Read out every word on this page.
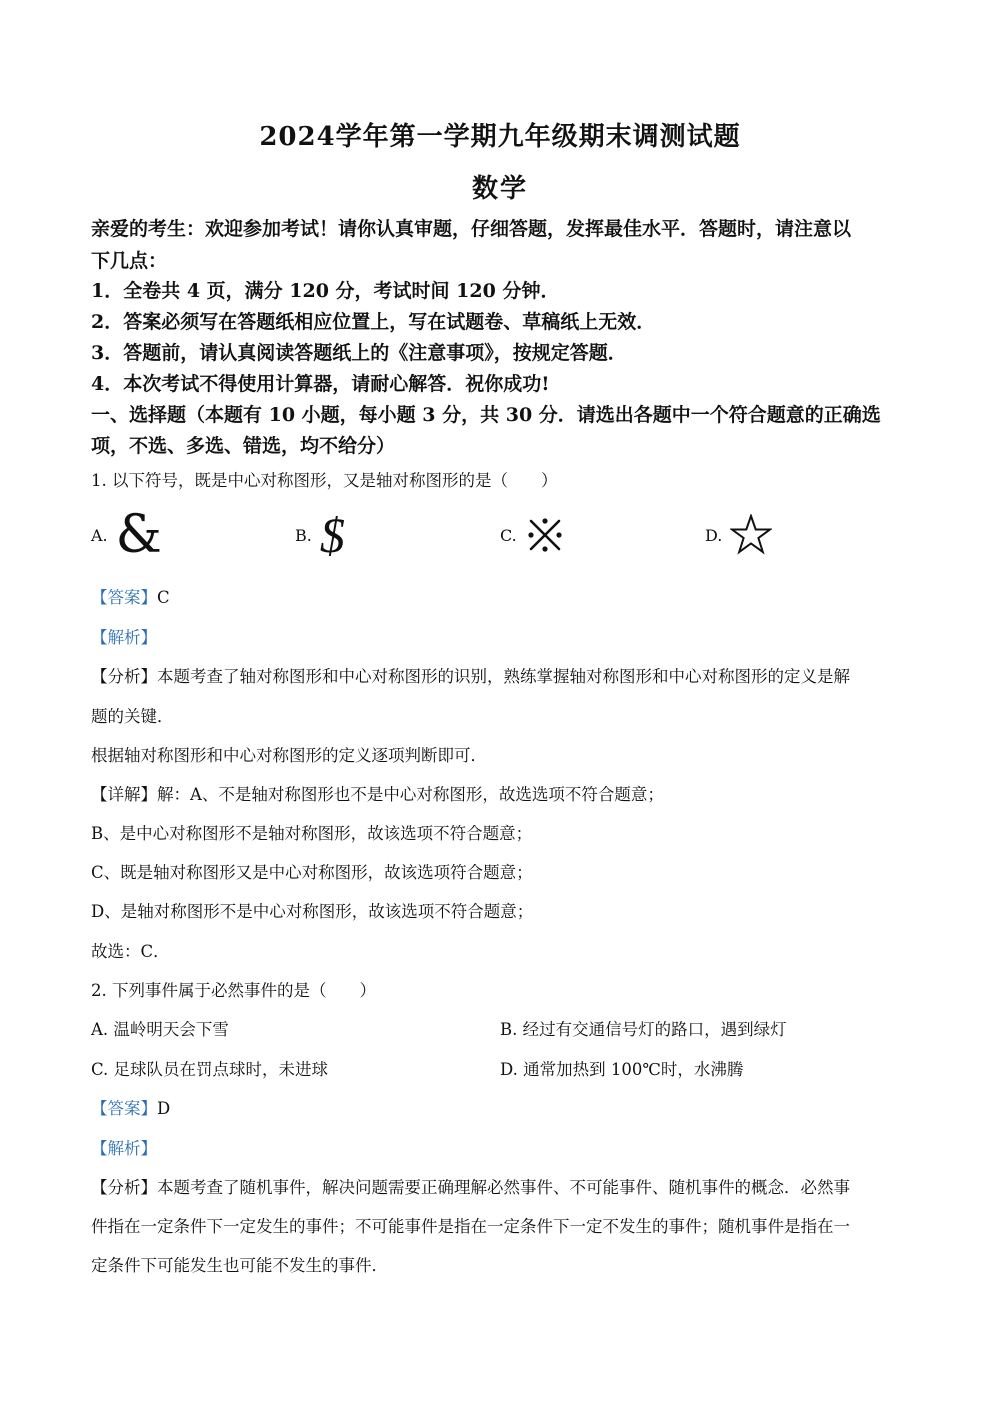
2024学年第一学期九年级期末调测试题
数学
亲爱的考生：欢迎参加考试！请你认真审题，仔细答题，发挥最佳水平．答题时，请注意以
下几点：
1．全卷共 4 页，满分 120 分，考试时间 120 分钟．
2．答案必须写在答题纸相应位置上，写在试题卷、草稿纸上无效．
3．答题前，请认真阅读答题纸上的《注意事项》，按规定答题．
4．本次考试不得使用计算器，请耐心解答．祝你成功!
一、选择题（本题有 10 小题，每小题 3 分，共 30 分．请选出各题中一个符合题意的正确选
项，不选、多选、错选，均不给分）
1. 以下符号，既是中心对称图形，又是轴对称图形的是（　　）
A. &	B. $	C.	D.
【答案】C
【解析】
【分析】本题考查了轴对称图形和中心对称图形的识别，熟练掌握轴对称图形和中心对称图形的定义是解
题的关键．
根据轴对称图形和中心对称图形的定义逐项判断即可．
【详解】解：A、不是轴对称图形也不是中心对称图形，故选选项不符合题意；
B、是中心对称图形不是轴对称图形，故该选项不符合题意；
C、既是轴对称图形又是中心对称图形，故该选项符合题意；
D、是轴对称图形不是中心对称图形，故该选项不符合题意；
故选：C．
2. 下列事件属于必然事件的是（　　）
A. 温岭明天会下雪	B. 经过有交通信号灯的路口，遇到绿灯
C. 足球队员在罚点球时，未进球	D. 通常加热到 100℃时，水沸腾
【答案】D
【解析】
【分析】本题考查了随机事件，解决问题需要正确理解必然事件、不可能事件、随机事件的概念．必然事
件指在一定条件下一定发生的事件；不可能事件是指在一定条件下一定不发生的事件；随机事件是指在一
定条件下可能发生也可能不发生的事件．
